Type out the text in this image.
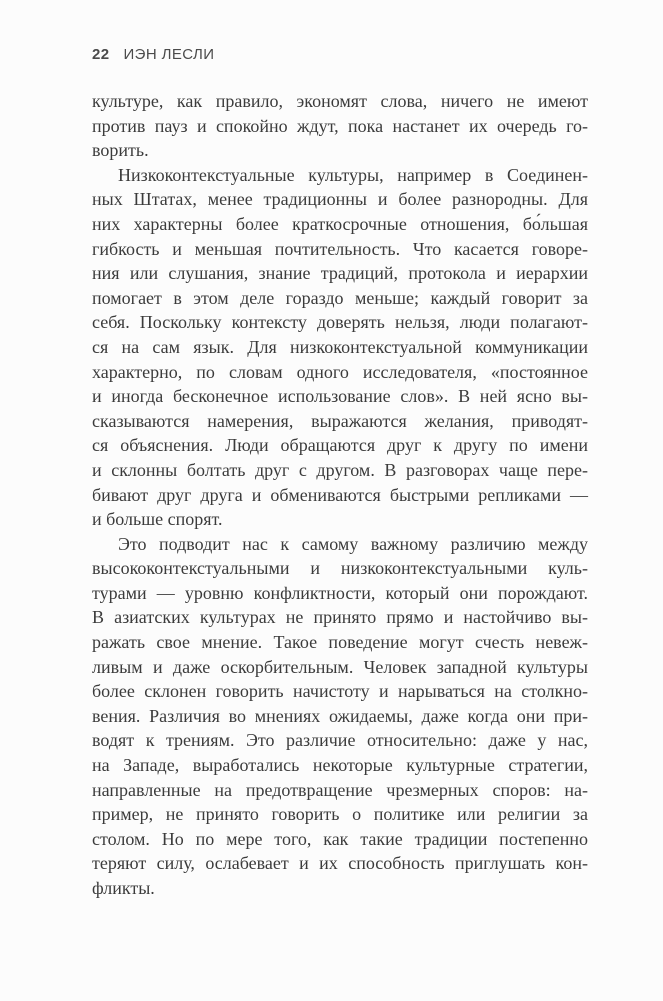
22 ИЭН ЛЕСЛИ
культуре, как правило, экономят слова, ничего не имеют
против пауз и спокойно ждут, пока настанет их очередь го-
ворить.
Низкоконтекстуальные культуры, например в Соединен-
ных Штатах, менее традиционны и более разнородны. Для
них характерны более краткосрочные отношения, бо́льшая
гибкость и меньшая почтительность. Что касается говоре-
ния или слушания, знание традиций, протокола и иерархии
помогает в этом деле гораздо меньше; каждый говорит за
себя. Поскольку контексту доверять нельзя, люди полагают-
ся на сам язык. Для низкоконтекстуальной коммуникации
характерно, по словам одного исследователя, «постоянное
и иногда бесконечное использование слов». В ней ясно вы-
сказываются намерения, выражаются желания, приводят-
ся объяснения. Люди обращаются друг к другу по имени
и склонны болтать друг с другом. В разговорах чаще пере-
бивают друг друга и обмениваются быстрыми репликами —
и больше спорят.
Это подводит нас к самому важному различию между
высококонтекстуальными и низкоконтекстуальными куль-
турами — уровню конфликтности, который они порождают.
В азиатских культурах не принято прямо и настойчиво вы-
ражать свое мнение. Такое поведение могут счесть невеж-
ливым и даже оскорбительным. Человек западной культуры
более склонен говорить начистоту и нарываться на столкно-
вения. Различия во мнениях ожидаемы, даже когда они при-
водят к трениям. Это различие относительно: даже у нас,
на Западе, выработались некоторые культурные стратегии,
направленные на предотвращение чрезмерных споров: на-
пример, не принято говорить о политике или религии за
столом. Но по мере того, как такие традиции постепенно
теряют силу, ослабевает и их способность приглушать кон-
фликты.
